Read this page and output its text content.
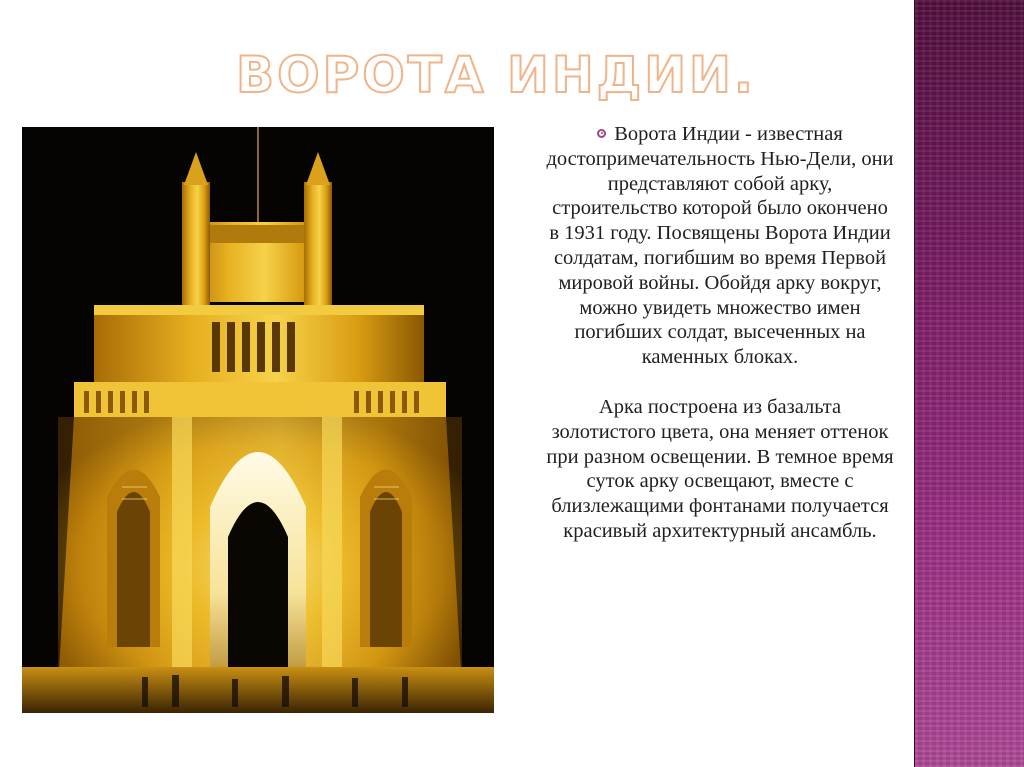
ВОРОТА ИНДИИ.

Ворота Индии - известная достопримечательность Нью-Дели, они представляют собой арку, строительство которой было окончено в 1931 году. Посвящены Ворота Индии солдатам, погибшим во время Первой мировой войны. Обойдя арку вокруг, можно увидеть множество имен погибших солдат, высеченных на каменных блоках.

Арка построена из базальта золотистого цвета, она меняет оттенок при разном освещении. В темное время суток арку освещают, вместе с близлежащими фонтанами получается красивый архитектурный ансамбль.
